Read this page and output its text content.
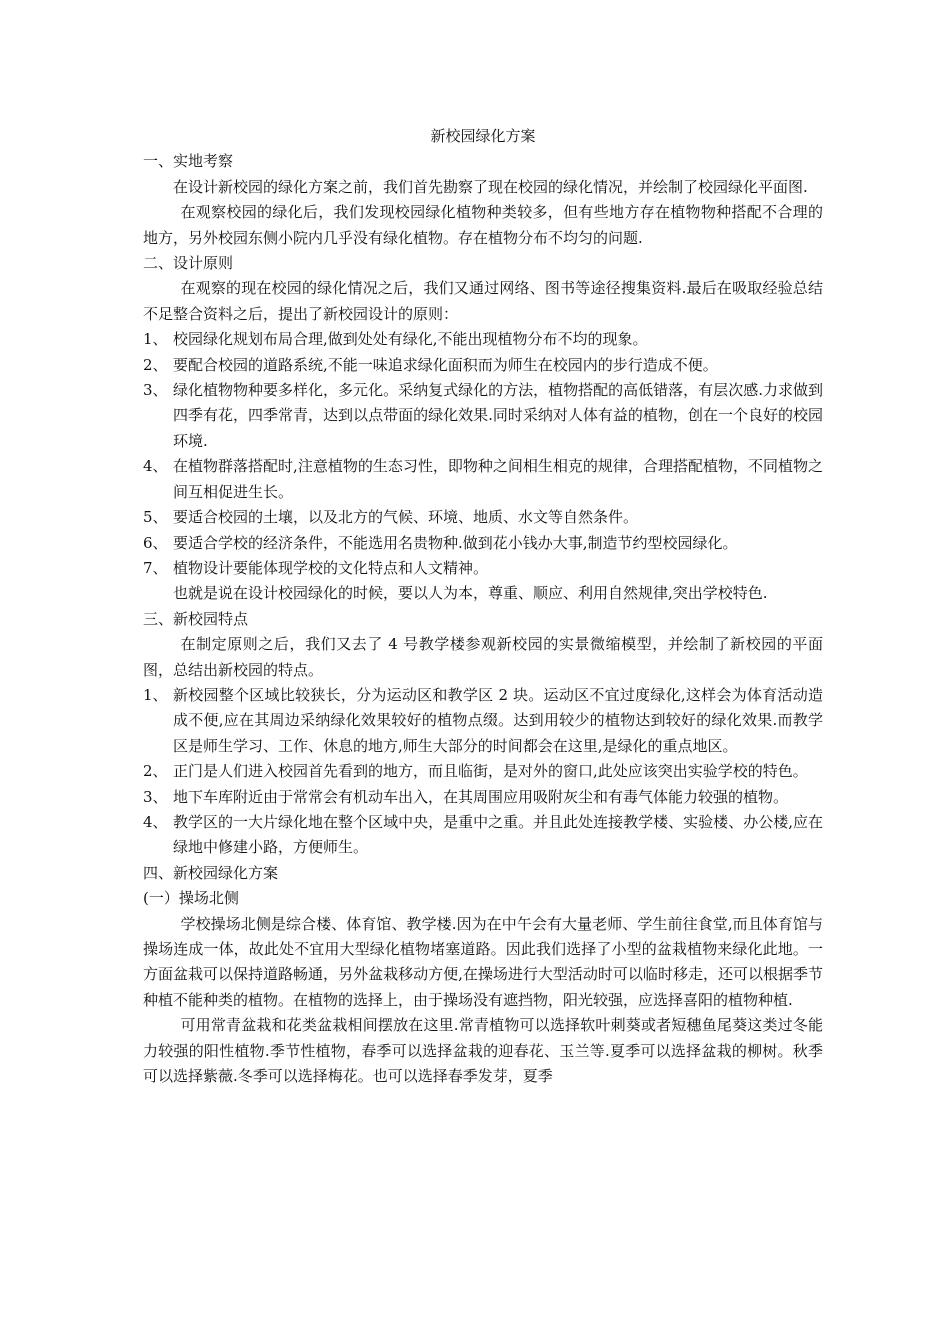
新校园绿化方案

一、实地考察

在设计新校园的绿化方案之前，我们首先勘察了现在校园的绿化情况，并绘制了校园绿化平面图.

在观察校园的绿化后，我们发现校园绿化植物种类较多，但有些地方存在植物物种搭配不合理的地方，另外校园东侧小院内几乎没有绿化植物。存在植物分布不均匀的问题.

二、设计原则

在观察的现在校园的绿化情况之后，我们又通过网络、图书等途径搜集资料.最后在吸取经验总结不足整合资料之后，提出了新校园设计的原则：

1、 校园绿化规划布局合理,做到处处有绿化,不能出现植物分布不均的现象。
2、 要配合校园的道路系统,不能一味追求绿化面积而为师生在校园内的步行造成不便。
3、 绿化植物物种要多样化，多元化。采纳复式绿化的方法，植物搭配的高低错落，有层次感.力求做到四季有花，四季常青，达到以点带面的绿化效果.同时采纳对人体有益的植物，创在一个良好的校园环境.
4、 在植物群落搭配时,注意植物的生态习性，即物种之间相生相克的规律，合理搭配植物，不同植物之间互相促进生长。
5、 要适合校园的土壤，以及北方的气候、环境、地质、水文等自然条件。
6、 要适合学校的经济条件，不能选用名贵物种.做到花小钱办大事,制造节约型校园绿化。
7、 植物设计要能体现学校的文化特点和人文精神。

也就是说在设计校园绿化的时候，要以人为本，尊重、顺应、利用自然规律,突出学校特色.

三、新校园特点

在制定原则之后，我们又去了 4 号教学楼参观新校园的实景微缩模型，并绘制了新校园的平面图，总结出新校园的特点。

1、 新校园整个区域比较狭长，分为运动区和教学区 2 块。运动区不宜过度绿化,这样会为体育活动造成不便,应在其周边采纳绿化效果较好的植物点缀。达到用较少的植物达到较好的绿化效果.而教学区是师生学习、工作、休息的地方,师生大部分的时间都会在这里,是绿化的重点地区。
2、 正门是人们进入校园首先看到的地方，而且临街，是对外的窗口,此处应该突出实验学校的特色。
3、 地下车库附近由于常常会有机动车出入，在其周围应用吸附灰尘和有毒气体能力较强的植物。
4、 教学区的一大片绿化地在整个区域中央，是重中之重。并且此处连接教学楼、实验楼、办公楼,应在绿地中修建小路，方便师生。

四、新校园绿化方案

(一）操场北侧

学校操场北侧是综合楼、体育馆、教学楼.因为在中午会有大量老师、学生前往食堂,而且体育馆与操场连成一体，故此处不宜用大型绿化植物堵塞道路。因此我们选择了小型的盆栽植物来绿化此地。一方面盆栽可以保持道路畅通，另外盆栽移动方便,在操场进行大型活动时可以临时移走，还可以根据季节种植不能种类的植物。在植物的选择上，由于操场没有遮挡物，阳光较强，应选择喜阳的植物种植.

可用常青盆栽和花类盆栽相间摆放在这里.常青植物可以选择软叶刺葵或者短穗鱼尾葵这类过冬能力较强的阳性植物.季节性植物，春季可以选择盆栽的迎春花、玉兰等.夏季可以选择盆栽的柳树。秋季可以选择紫薇.冬季可以选择梅花。也可以选择春季发芽，夏季
